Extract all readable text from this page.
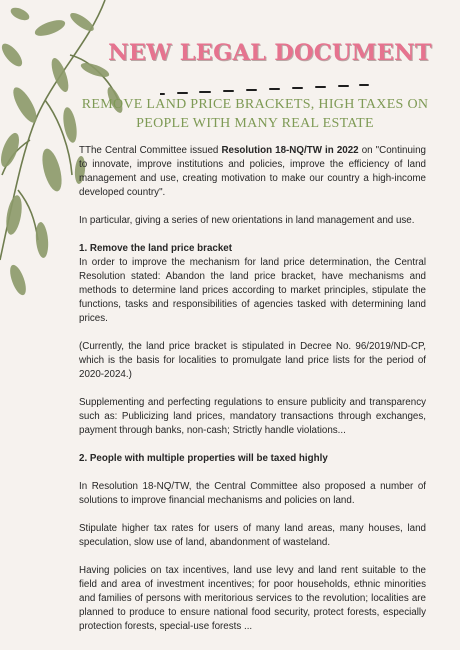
NEW LEGAL DOCUMENT
REMOVE LAND PRICE BRACKETS, HIGH TAXES ON PEOPLE WITH MANY REAL ESTATE

TThe Central Committee issued Resolution 18-NQ/TW in 2022 on "Continuing to innovate, improve institutions and policies, improve the efficiency of land management and use, creating motivation to make our country a high-income developed country".

In particular, giving a series of new orientations in land management and use.

1. Remove the land price bracket

In order to improve the mechanism for land price determination, the Central Resolution stated: Abandon the land price bracket, have mechanisms and methods to determine land prices according to market principles, stipulate the functions, tasks and responsibilities of agencies tasked with determining land prices.

(Currently, the land price bracket is stipulated in Decree No. 96/2019/ND-CP, which is the basis for localities to promulgate land price lists for the period of 2020-2024.)

Supplementing and perfecting regulations to ensure publicity and transparency such as: Publicizing land prices, mandatory transactions through exchanges, payment through banks, non-cash; Strictly handle violations...

2. People with multiple properties will be taxed highly

In Resolution 18-NQ/TW, the Central Committee also proposed a number of solutions to improve financial mechanisms and policies on land.

Stipulate higher tax rates for users of many land areas, many houses, land speculation, slow use of land, abandonment of wasteland.

Having policies on tax incentives, land use levy and land rent suitable to the field and area of investment incentives; for poor households, ethnic minorities and families of persons with meritorious services to the revolution; localities are planned to produce to ensure national food security, protect forests, especially protection forests, special-use forests ...
